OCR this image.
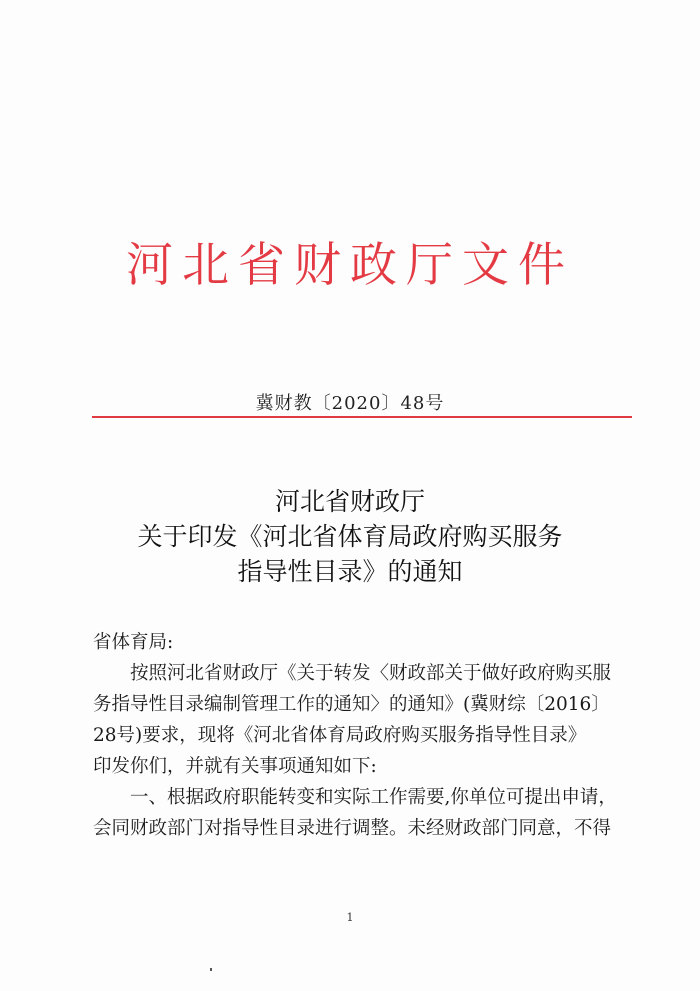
河北省财政厅文件
冀财教〔2020〕48号
河北省财政厅
关于印发《河北省体育局政府购买服务
指导性目录》的通知
省体育局:
按照河北省财政厅《关于转发〈财政部关于做好政府购买服
务指导性目录编制管理工作的通知〉的通知》(冀财综〔2016〕
28号)要求，现将《河北省体育局政府购买服务指导性目录》
印发你们，并就有关事项通知如下:
一、根据政府职能转变和实际工作需要,你单位可提出申请，
会同财政部门对指导性目录进行调整。未经财政部门同意，不得
1
